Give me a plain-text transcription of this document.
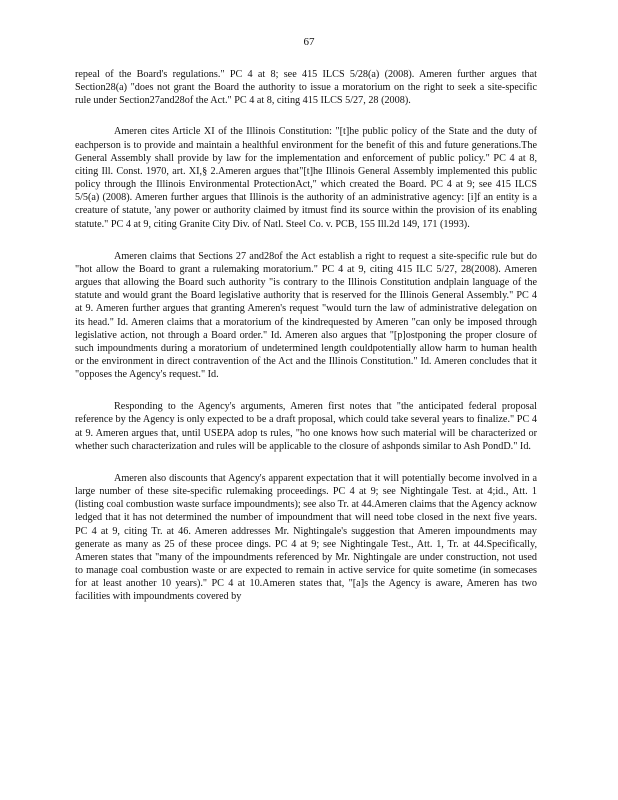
67

repeal of the Board's regulations." PC 4 at 8; see 415 ILCS 5/28(a) (2008). Ameren further argues that Section28(a) "does not grant the Board the authority to issue a moratorium on the right to seek a site-specific rule under Section27and28of the Act." PC 4 at 8, citing 415 ILCS 5/27, 28 (2008).

Ameren cites Article XI of the Illinois Constitution: "[t]he public policy of the State and the duty of eachperson is to provide and maintain a healthful environment for the benefit of this and future generations.The General Assembly shall provide by law for the implementation and enforcement of public policy." PC 4 at 8, citing Ill. Const. 1970, art. XI,§ 2.Ameren argues that"[t]he Illinois General Assembly implemented this public policy through the Illinois Environmental ProtectionAct," which created the Board. PC 4 at 9; see 415 ILCS 5/5(a) (2008). Ameren further argues that Illinois is the authority of an administrative agency: [i]f an entity is a creature of statute, 'any power or authority claimed by itmust find its source within the provision of its enabling statute." PC 4 at 9, citing Granite City Div. of Natl. Steel Co. v. PCB, 155 Ill.2d 149, 171 (1993).

Ameren claims that Sections 27 and28of the Act establish a right to request a site-specific rule but do "hot allow the Board to grant a rulemaking moratorium." PC 4 at 9, citing 415 ILC 5/27, 28(2008). Ameren argues that allowing the Board such authority "is contrary to the Illinois Constitution andplain language of the statute and would grant the Board legislative authority that is reserved for the Illinois General Assembly." PC 4 at 9. Ameren further argues that granting Ameren's request "would turn the law of administrative delegation on its head." Id. Ameren claims that a moratorium of the kindrequested by Ameren "can only be imposed through legislative action, not through a Board order." Id. Ameren also argues that "[p]ostponing the proper closure of such impoundments during a moratorium of undetermined length couldpotentially allow harm to human health or the environment in direct contravention of the Act and the Illinois Constitution." Id. Ameren concludes that it "opposes the Agency's request." Id.

Responding to the Agency's arguments, Ameren first notes that "the anticipated federal proposal reference by the Agency is only expected to be a draft proposal, which could take several years to finalize." PC 4 at 9. Ameren argues that, until USEPA adop ts rules, "ho one knows how such material will be characterized or whether such characterization and rules will be applicable to the closure of ashponds similar to Ash PondD." Id.

Ameren also discounts that Agency's apparent expectation that it will potentially become involved in a large number of these site-specific rulemaking proceedings. PC 4 at 9; see Nightingale Test. at 4;id., Att. 1 (listing coal combustion waste surface impoundments); see also Tr. at 44.Ameren claims that the Agency acknow ledged that it has not determined the number of impoundment that will need tobe closed in the next five years. PC 4 at 9, citing Tr. at 46. Ameren addresses Mr. Nightingale's suggestion that Ameren impoundments may generate as many as 25 of these procee dings. PC 4 at 9; see Nightingale Test., Att. 1, Tr. at 44.Specifically, Ameren states that "many of the impoundments referenced by Mr. Nightingale are under construction, not used to manage coal combustion waste or are expected to remain in active service for quite sometime (in somecases for at least another 10 years)." PC 4 at 10.Ameren states that, "[a]s the Agency is aware, Ameren has two facilities with impoundments covered by
